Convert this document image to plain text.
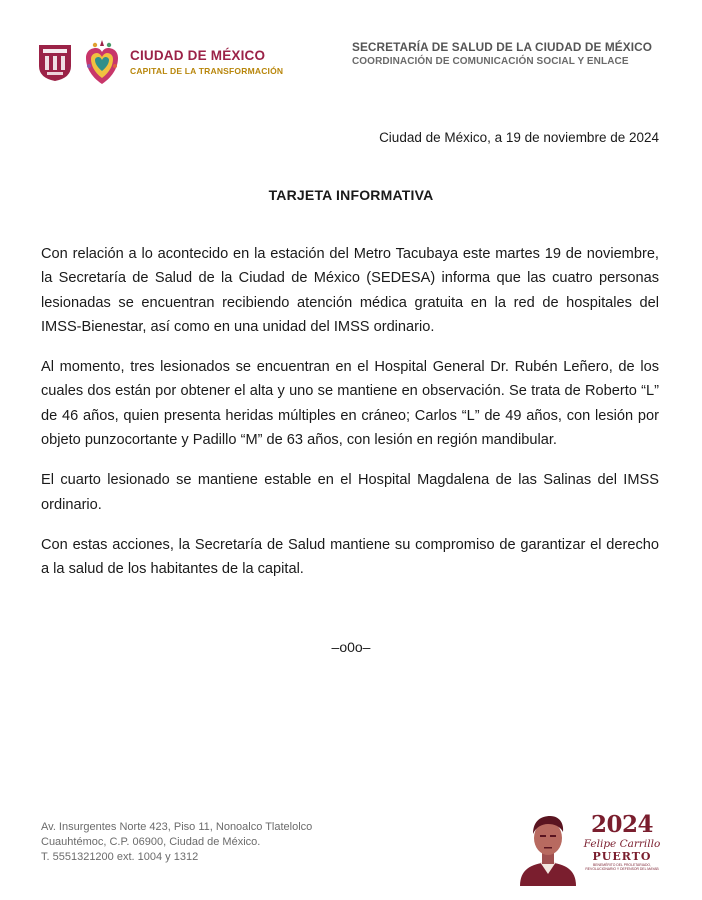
CIUDAD DE MÉXICO
CAPITAL DE LA TRANSFORMACIÓN
SECRETARÍA DE SALUD DE LA CIUDAD DE MÉXICO
COORDINACIÓN DE COMUNICACIÓN SOCIAL Y ENLACE
Ciudad de México, a 19 de noviembre de 2024
TARJETA INFORMATIVA

Con relación a lo acontecido en la estación del Metro Tacubaya este martes 19 de noviembre, la Secretaría de Salud de la Ciudad de México (SEDESA) informa que las cuatro personas lesionadas se encuentran recibiendo atención médica gratuita en la red de hospitales del IMSS-Bienestar, así como en una unidad del IMSS ordinario.

Al momento, tres lesionados se encuentran en el Hospital General Dr. Rubén Leñero, de los cuales dos están por obtener el alta y uno se mantiene en observación. Se trata de Roberto “L” de 46 años, quien presenta heridas múltiples en cráneo; Carlos “L” de 49 años, con lesión por objeto punzocortante y Padillo “M” de 63 años, con lesión en región mandibular.

El cuarto lesionado se mantiene estable en el Hospital Magdalena de las Salinas del IMSS ordinario.

Con estas acciones, la Secretaría de Salud mantiene su compromiso de garantizar el derecho a la salud de los habitantes de la capital.

–o0o–
Av. Insurgentes Norte 423, Piso 11, Nonoalco Tlatelolco
Cuauhtémoc, C.P. 06900, Ciudad de México.
T. 5551321200 ext. 1004 y 1312
2024
Felipe Carrillo
PUERTO
BENEMÉRITO DEL PROLETARIADO, REVOLUCIONARIO Y DEFENSOR DEL MAYAB
